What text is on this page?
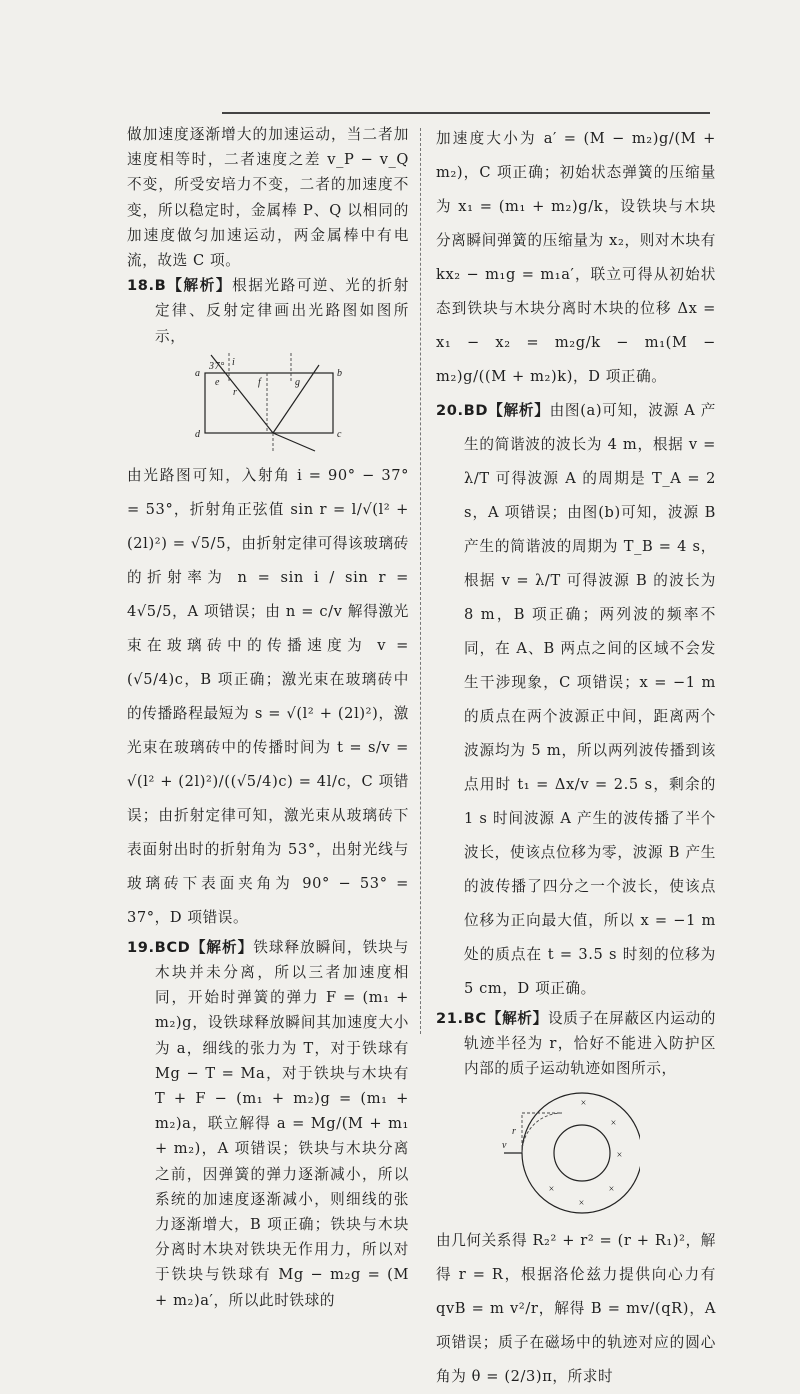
做加速度逐渐增大的加速运动，当二者加速度相等时，二者速度之差 v_P − v_Q 不变，所受安培力不变，二者的加速度不变，所以稳定时，金属棒 P、Q 以相同的加速度做匀加速运动，两金属棒中有电流，故选 C 项。

18.B【解析】根据光路可逆、光的折射定律、反射定律画出光路图如图所示，

a	b
c
d
e	f	g
i
r
37°

由光路图可知，入射角 i = 90° − 37° = 53°，折射角正弦值 sin r = l/√(l² + (2l)²) = √5/5，由折射定律可得该玻璃砖的折射率为 n = sin i / sin r = 4√5/5，A 项错误；由 n = c/v 解得激光束在玻璃砖中的传播速度为 v = (√5/4)c，B 项正确；激光束在玻璃砖中的传播路程最短为 s = √(l² + (2l)²)，激光束在玻璃砖中的传播时间为 t = s/v = √(l² + (2l)²)/((√5/4)c) = 4l/c，C 项错误；由折射定律可知，激光束从玻璃砖下表面射出时的折射角为 53°，出射光线与玻璃砖下表面夹角为 90° − 53° = 37°，D 项错误。

19.BCD【解析】铁球释放瞬间，铁块与木块并未分离，所以三者加速度相同，开始时弹簧的弹力 F = (m₁ + m₂)g，设铁球释放瞬间其加速度大小为 a，细线的张力为 T，对于铁球有 Mg − T = Ma，对于铁块与木块有 T + F − (m₁ + m₂)g = (m₁ + m₂)a，联立解得 a = Mg/(M + m₁ + m₂)，A 项错误；铁块与木块分离之前，因弹簧的弹力逐渐减小，所以系统的加速度逐渐减小，则细线的张力逐渐增大，B 项正确；铁块与木块分离时木块对铁块无作用力，所以对于铁块与铁球有 Mg − m₂g = (M + m₂)a′，所以此时铁球的

加速度大小为 a′ = (M − m₂)g/(M + m₂)，C 项正确；初始状态弹簧的压缩量为 x₁ = (m₁ + m₂)g/k，设铁块与木块分离瞬间弹簧的压缩量为 x₂，则对木块有 kx₂ − m₁g = m₁a′，联立可得从初始状态到铁块与木块分离时木块的位移 Δx = x₁ − x₂ = m₂g/k − m₁(M − m₂)g/((M + m₂)k)，D 项正确。

20.BD【解析】由图(a)可知，波源 A 产生的简谐波的波长为 4 m，根据 v = λ/T 可得波源 A 的周期是 T_A = 2 s，A 项错误；由图(b)可知，波源 B 产生的简谐波的周期为 T_B = 4 s，根据 v = λ/T 可得波源 B 的波长为 8 m，B 项正确；两列波的频率不同，在 A、B 两点之间的区域不会发生干涉现象，C 项错误；x = −1 m 的质点在两个波源正中间，距离两个波源均为 5 m，所以两列波传播到该点用时 t₁ = Δx/v = 2.5 s，剩余的 1 s 时间波源 A 产生的波传播了半个波长，使该点位移为零，波源 B 产生的波传播了四分之一个波长，使该点位移为正向最大值，所以 x = −1 m 处的质点在 t = 3.5 s 时刻的位移为 5 cm，D 项正确。

21.BC【解析】设质子在屏蔽区内运动的轨迹半径为 r，恰好不能进入防护区内部的质子运动轨迹如图所示，

v
r
×
×
×
×
×
×

由几何关系得 R₂² + r² = (r + R₁)²，解得 r = R，根据洛伦兹力提供向心力有 qvB = m v²/r，解得 B = mv/(qR)，A 项错误；质子在磁场中的轨迹对应的圆心角为 θ = (2/3)π，所求时
